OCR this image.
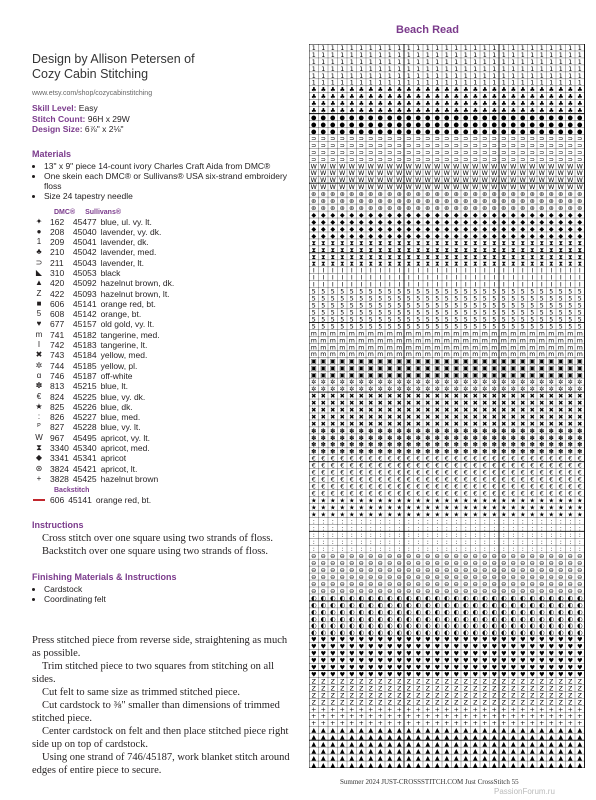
Design by Allison Petersen of
Cozy Cabin Stitching
www.etsy.com/shop/cozycabinstitching
Skill Level: Easy
Stitch Count: 96H x 29W
Design Size: 6⅞" x 2⅛"
Materials
• 13" x 9" piece 14-count ivory Charles Craft Aida from DMC®
• One skein each DMC® or Sullivans® USA six-strand embroidery floss
• Size 24 tapestry needle
DMC® Sullivans®
✦	162	45477	blue, ul. vy. lt.
●	208	45040	lavender, vy. dk.
1	209	45041	lavender, dk.
♣	210	45042	lavender, med.
⊃	211	45043	lavender, lt.
◣	310	45053	black
▲	420	45092	hazelnut brown, dk.
Z	422	45093	hazelnut brown, lt.
■	606	45141	orange red, bt.
5	608	45142	orange, bt.
♥	677	45157	old gold, vy. lt.
m	741	45182	tangerine, med.
I	742	45183	tangerine, lt.
✖	743	45184	yellow, med.
✲	744	45185	yellow, pl.
ɑ	746	45187	off-white
✽	813	45215	blue, lt.
€	824	45225	blue, vy. dk.
★	825	45226	blue, dk.
:	826	45227	blue, med.
ᴾ	827	45228	blue, vy. lt.
W	967	45495	apricot, vy. lt.
⧗	3340	45340	apricot, med.
◆	3341	45341	apricot
⊛	3824	45421	apricot, lt.
+	3828	45425	hazelnut brown
Backstitch
	606	45141	orange red, bt.
Instructions

Cross stitch over one square using two strands of floss.

Backstitch over one square using two strands of floss.

Finishing Materials & Instructions
• Cardstock
• Coordinating felt

Press stitched piece from reverse side, straightening as much as possible.

Trim stitched piece to two squares from stitching on all sides.

Cut felt to same size as trimmed stitched piece.

Cut cardstock to ⅜" smaller than dimensions of trimmed stitched piece.

Center cardstock on felt and then place stitched piece right side up on top of cardstock.

Using one strand of 746/45187, work blanket stitch around edges of entire piece to secure.

Beach Read
1 1 1 1 1 1 1 1 1 1 1 1 1 1 1 1 1 1 1 1 1 1 1 1 1 1 1 1 1
1 1 1 1 1 1 1 1 1 1 1 1 1 1 1 1 1 1 1 1 1 1 1 1 1 1 1 1 1
1 1 1 1 1 1 1 1 1 1 1 1 1 1 1 1 1 1 1 1 1 1 1 1 1 1 1 1 1
1 1 1 1 1 1 1 1 1 1 1 1 1 1 1 1 1 1 1 1 1 1 1 1 1 1 1 1 1
1 1 1 1 1 1 1 1 1 1 1 1 1 1 1 1 1 1 1 1 1 1 1 1 1 1 1 1 1
1 1 1 1 1 1 1 1 1 1 1 1 1 1 1 1 1 1 1 1 1 1 1 1 1 1 1 1 1
♣ ♣ ♣ ♣ ♣ ♣ ♣ ♣ ♣ ♣ ♣ ♣ ♣ ♣ ♣ ♣ ♣ ♣ ♣ ♣ ♣ ♣ ♣ ♣ ♣ ♣ ♣ ♣ ♣
♣ ♣ ♣ ♣ ♣ ♣ ♣ ♣ ♣ ♣ ♣ ♣ ♣ ♣ ♣ ♣ ♣ ♣ ♣ ♣ ♣ ♣ ♣ ♣ ♣ ♣ ♣ ♣ ♣
♣ ♣ ♣ ♣ ♣ ♣ ♣ ♣ ♣ ♣ ♣ ♣ ♣ ♣ ♣ ♣ ♣ ♣ ♣ ♣ ♣ ♣ ♣ ♣ ♣ ♣ ♣ ♣ ♣
♣ ♣ ♣ ♣ ♣ ♣ ♣ ♣ ♣ ♣ ♣ ♣ ♣ ♣ ♣ ♣ ♣ ♣ ♣ ♣ ♣ ♣ ♣ ♣ ♣ ♣ ♣ ♣ ♣
● ● ● ● ● ● ● ● ● ● ● ● ● ● ● ● ● ● ● ● ● ● ● ● ● ● ● ● ●
● ● ● ● ● ● ● ● ● ● ● ● ● ● ● ● ● ● ● ● ● ● ● ● ● ● ● ● ●
● ● ● ● ● ● ● ● ● ● ● ● ● ● ● ● ● ● ● ● ● ● ● ● ● ● ● ● ●
⊃ ⊃ ⊃ ⊃ ⊃ ⊃ ⊃ ⊃ ⊃ ⊃ ⊃ ⊃ ⊃ ⊃ ⊃ ⊃ ⊃ ⊃ ⊃ ⊃ ⊃ ⊃ ⊃ ⊃ ⊃ ⊃ ⊃ ⊃ ⊃
⊃ ⊃ ⊃ ⊃ ⊃ ⊃ ⊃ ⊃ ⊃ ⊃ ⊃ ⊃ ⊃ ⊃ ⊃ ⊃ ⊃ ⊃ ⊃ ⊃ ⊃ ⊃ ⊃ ⊃ ⊃ ⊃ ⊃ ⊃ ⊃
⊃ ⊃ ⊃ ⊃ ⊃ ⊃ ⊃ ⊃ ⊃ ⊃ ⊃ ⊃ ⊃ ⊃ ⊃ ⊃ ⊃ ⊃ ⊃ ⊃ ⊃ ⊃ ⊃ ⊃ ⊃ ⊃ ⊃ ⊃ ⊃
⊃ ⊃ ⊃ ⊃ ⊃ ⊃ ⊃ ⊃ ⊃ ⊃ ⊃ ⊃ ⊃ ⊃ ⊃ ⊃ ⊃ ⊃ ⊃ ⊃ ⊃ ⊃ ⊃ ⊃ ⊃ ⊃ ⊃ ⊃ ⊃
W W W W W W W W W W W W W W W W W W W W W W W W W W W W W
W W W W W W W W W W W W W W W W W W W W W W W W W W W W W
W W W W W W W W W W W W W W W W W W W W W W W W W W W W W
W W W W W W W W W W W W W W W W W W W W W W W W W W W W W
⊛ ⊛ ⊛ ⊛ ⊛ ⊛ ⊛ ⊛ ⊛ ⊛ ⊛ ⊛ ⊛ ⊛ ⊛ ⊛ ⊛ ⊛ ⊛ ⊛ ⊛ ⊛ ⊛ ⊛ ⊛ ⊛ ⊛ ⊛ ⊛
⊛ ⊛ ⊛ ⊛ ⊛ ⊛ ⊛ ⊛ ⊛ ⊛ ⊛ ⊛ ⊛ ⊛ ⊛ ⊛ ⊛ ⊛ ⊛ ⊛ ⊛ ⊛ ⊛ ⊛ ⊛ ⊛ ⊛ ⊛ ⊛
⊛ ⊛ ⊛ ⊛ ⊛ ⊛ ⊛ ⊛ ⊛ ⊛ ⊛ ⊛ ⊛ ⊛ ⊛ ⊛ ⊛ ⊛ ⊛ ⊛ ⊛ ⊛ ⊛ ⊛ ⊛ ⊛ ⊛ ⊛ ⊛
◆ ◆ ◆ ◆ ◆ ◆ ◆ ◆ ◆ ◆ ◆ ◆ ◆ ◆ ◆ ◆ ◆ ◆ ◆ ◆ ◆ ◆ ◆ ◆ ◆ ◆ ◆ ◆ ◆
◆ ◆ ◆ ◆ ◆ ◆ ◆ ◆ ◆ ◆ ◆ ◆ ◆ ◆ ◆ ◆ ◆ ◆ ◆ ◆ ◆ ◆ ◆ ◆ ◆ ◆ ◆ ◆ ◆
◆ ◆ ◆ ◆ ◆ ◆ ◆ ◆ ◆ ◆ ◆ ◆ ◆ ◆ ◆ ◆ ◆ ◆ ◆ ◆ ◆ ◆ ◆ ◆ ◆ ◆ ◆ ◆ ◆
◆ ◆ ◆ ◆ ◆ ◆ ◆ ◆ ◆ ◆ ◆ ◆ ◆ ◆ ◆ ◆ ◆ ◆ ◆ ◆ ◆ ◆ ◆ ◆ ◆ ◆ ◆ ◆ ◆
⧗ ⧗ ⧗ ⧗ ⧗ ⧗ ⧗ ⧗ ⧗ ⧗ ⧗ ⧗ ⧗ ⧗ ⧗ ⧗ ⧗ ⧗ ⧗ ⧗ ⧗ ⧗ ⧗ ⧗ ⧗ ⧗ ⧗ ⧗ ⧗
⧗ ⧗ ⧗ ⧗ ⧗ ⧗ ⧗ ⧗ ⧗ ⧗ ⧗ ⧗ ⧗ ⧗ ⧗ ⧗ ⧗ ⧗ ⧗ ⧗ ⧗ ⧗ ⧗ ⧗ ⧗ ⧗ ⧗ ⧗ ⧗
⧗ ⧗ ⧗ ⧗ ⧗ ⧗ ⧗ ⧗ ⧗ ⧗ ⧗ ⧗ ⧗ ⧗ ⧗ ⧗ ⧗ ⧗ ⧗ ⧗ ⧗ ⧗ ⧗ ⧗ ⧗ ⧗ ⧗ ⧗ ⧗
⧗ ⧗ ⧗ ⧗ ⧗ ⧗ ⧗ ⧗ ⧗ ⧗ ⧗ ⧗ ⧗ ⧗ ⧗ ⧗ ⧗ ⧗ ⧗ ⧗ ⧗ ⧗ ⧗ ⧗ ⧗ ⧗ ⧗ ⧗ ⧗
I I I I I I I I I I I I I I I I I I I I I I I I I I I I I
I I I I I I I I I I I I I I I I I I I I I I I I I I I I I
I I I I I I I I I I I I I I I I I I I I I I I I I I I I I
5 5 5 5 5 5 5 5 5 5 5 5 5 5 5 5 5 5 5 5 5 5 5 5 5 5 5 5 5
5 5 5 5 5 5 5 5 5 5 5 5 5 5 5 5 5 5 5 5 5 5 5 5 5 5 5 5 5
5 5 5 5 5 5 5 5 5 5 5 5 5 5 5 5 5 5 5 5 5 5 5 5 5 5 5 5 5
5 5 5 5 5 5 5 5 5 5 5 5 5 5 5 5 5 5 5 5 5 5 5 5 5 5 5 5 5
5 5 5 5 5 5 5 5 5 5 5 5 5 5 5 5 5 5 5 5 5 5 5 5 5 5 5 5 5
5 5 5 5 5 5 5 5 5 5 5 5 5 5 5 5 5 5 5 5 5 5 5 5 5 5 5 5 5
m m m m m m m m m m m m m m m m m m m m m m m m m m m m m
m m m m m m m m m m m m m m m m m m m m m m m m m m m m m
m m m m m m m m m m m m m m m m m m m m m m m m m m m m m
m m m m m m m m m m m m m m m m m m m m m m m m m m m m m
▣ ▣ ▣ ▣ ▣ ▣ ▣ ▣ ▣ ▣ ▣ ▣ ▣ ▣ ▣ ▣ ▣ ▣ ▣ ▣ ▣ ▣ ▣ ▣ ▣ ▣ ▣ ▣ ▣
▣ ▣ ▣ ▣ ▣ ▣ ▣ ▣ ▣ ▣ ▣ ▣ ▣ ▣ ▣ ▣ ▣ ▣ ▣ ▣ ▣ ▣ ▣ ▣ ▣ ▣ ▣ ▣ ▣
▣ ▣ ▣ ▣ ▣ ▣ ▣ ▣ ▣ ▣ ▣ ▣ ▣ ▣ ▣ ▣ ▣ ▣ ▣ ▣ ▣ ▣ ▣ ▣ ▣ ▣ ▣ ▣ ▣
✲ ✲ ✲ ✲ ✲ ✲ ✲ ✲ ✲ ✲ ✲ ✲ ✲ ✲ ✲ ✲ ✲ ✲ ✲ ✲ ✲ ✲ ✲ ✲ ✲ ✲ ✲ ✲ ✲
✲ ✲ ✲ ✲ ✲ ✲ ✲ ✲ ✲ ✲ ✲ ✲ ✲ ✲ ✲ ✲ ✲ ✲ ✲ ✲ ✲ ✲ ✲ ✲ ✲ ✲ ✲ ✲ ✲
✖ ✖ ✖ ✖ ✖ ✖ ✖ ✖ ✖ ✖ ✖ ✖ ✖ ✖ ✖ ✖ ✖ ✖ ✖ ✖ ✖ ✖ ✖ ✖ ✖ ✖ ✖ ✖ ✖
✖ ✖ ✖ ✖ ✖ ✖ ✖ ✖ ✖ ✖ ✖ ✖ ✖ ✖ ✖ ✖ ✖ ✖ ✖ ✖ ✖ ✖ ✖ ✖ ✖ ✖ ✖ ✖ ✖
✖ ✖ ✖ ✖ ✖ ✖ ✖ ✖ ✖ ✖ ✖ ✖ ✖ ✖ ✖ ✖ ✖ ✖ ✖ ✖ ✖ ✖ ✖ ✖ ✖ ✖ ✖ ✖ ✖
✖ ✖ ✖ ✖ ✖ ✖ ✖ ✖ ✖ ✖ ✖ ✖ ✖ ✖ ✖ ✖ ✖ ✖ ✖ ✖ ✖ ✖ ✖ ✖ ✖ ✖ ✖ ✖ ✖
✖ ✖ ✖ ✖ ✖ ✖ ✖ ✖ ✖ ✖ ✖ ✖ ✖ ✖ ✖ ✖ ✖ ✖ ✖ ✖ ✖ ✖ ✖ ✖ ✖ ✖ ✖ ✖ ✖
✽ ✽ ✽ ✽ ✽ ✽ ✽ ✽ ✽ ✽ ✽ ✽ ✽ ✽ ✽ ✽ ✽ ✽ ✽ ✽ ✽ ✽ ✽ ✽ ✽ ✽ ✽ ✽ ✽
✽ ✽ ✽ ✽ ✽ ✽ ✽ ✽ ✽ ✽ ✽ ✽ ✽ ✽ ✽ ✽ ✽ ✽ ✽ ✽ ✽ ✽ ✽ ✽ ✽ ✽ ✽ ✽ ✽
✽ ✽ ✽ ✽ ✽ ✽ ✽ ✽ ✽ ✽ ✽ ✽ ✽ ✽ ✽ ✽ ✽ ✽ ✽ ✽ ✽ ✽ ✽ ✽ ✽ ✽ ✽ ✽ ✽
✽ ✽ ✽ ✽ ✽ ✽ ✽ ✽ ✽ ✽ ✽ ✽ ✽ ✽ ✽ ✽ ✽ ✽ ✽ ✽ ✽ ✽ ✽ ✽ ✽ ✽ ✽ ✽ ✽
€ € € € € € € € € € € € € € € € € € € € € € € € € € € € €
€ € € € € € € € € € € € € € € € € € € € € € € € € € € € €
€ € € € € € € € € € € € € € € € € € € € € € € € € € € € €
€ € € € € € € € € € € € € € € € € € € € € € € € € € € € €
€ € € € € € € € € € € € € € € € € € € € € € € € € € € € €
€ € € € € € € € € € € € € € € € € € € € € € € € € € € € €
★ ★ ★ ★ ★ ★ ★ ★ ★ ★ ★ ★ ★ ★ ★ ★ ★ ★ ★ ★ ★ ★ ★ ★ ★ ★ ★ ★ ★
★ ★ ★ ★ ★ ★ ★ ★ ★ ★ ★ ★ ★ ★ ★ ★ ★ ★ ★ ★ ★ ★ ★ ★ ★ ★ ★ ★ ★
★ ★ ★ ★ ★ ★ ★ ★ ★ ★ ★ ★ ★ ★ ★ ★ ★ ★ ★ ★ ★ ★ ★ ★ ★ ★ ★ ★ ★
: : : : : : : : : : : : : : : : : : : : : : : : : : : : :
: : : : : : : : : : : : : : : : : : : : : : : : : : : : :
: : : : : : : : : : : : : : : : : : : : : : : : : : : : :
: : : : : : : : : : : : : : : : : : : : : : : : : : : : :
: : : : : : : : : : : : : : : : : : : : : : : : : : : : :
⊖ ⊖ ⊖ ⊖ ⊖ ⊖ ⊖ ⊖ ⊖ ⊖ ⊖ ⊖ ⊖ ⊖ ⊖ ⊖ ⊖ ⊖ ⊖ ⊖ ⊖ ⊖ ⊖ ⊖ ⊖ ⊖ ⊖ ⊖ ⊖
⊖ ⊖ ⊖ ⊖ ⊖ ⊖ ⊖ ⊖ ⊖ ⊖ ⊖ ⊖ ⊖ ⊖ ⊖ ⊖ ⊖ ⊖ ⊖ ⊖ ⊖ ⊖ ⊖ ⊖ ⊖ ⊖ ⊖ ⊖ ⊖
⊖ ⊖ ⊖ ⊖ ⊖ ⊖ ⊖ ⊖ ⊖ ⊖ ⊖ ⊖ ⊖ ⊖ ⊖ ⊖ ⊖ ⊖ ⊖ ⊖ ⊖ ⊖ ⊖ ⊖ ⊖ ⊖ ⊖ ⊖ ⊖
⊖ ⊖ ⊖ ⊖ ⊖ ⊖ ⊖ ⊖ ⊖ ⊖ ⊖ ⊖ ⊖ ⊖ ⊖ ⊖ ⊖ ⊖ ⊖ ⊖ ⊖ ⊖ ⊖ ⊖ ⊖ ⊖ ⊖ ⊖ ⊖
⊖ ⊖ ⊖ ⊖ ⊖ ⊖ ⊖ ⊖ ⊖ ⊖ ⊖ ⊖ ⊖ ⊖ ⊖ ⊖ ⊖ ⊖ ⊖ ⊖ ⊖ ⊖ ⊖ ⊖ ⊖ ⊖ ⊖ ⊖ ⊖
⊖ ⊖ ⊖ ⊖ ⊖ ⊖ ⊖ ⊖ ⊖ ⊖ ⊖ ⊖ ⊖ ⊖ ⊖ ⊖ ⊖ ⊖ ⊖ ⊖ ⊖ ⊖ ⊖ ⊖ ⊖ ⊖ ⊖ ⊖ ⊖
◐ ◐ ◐ ◐ ◐ ◐ ◐ ◐ ◐ ◐ ◐ ◐ ◐ ◐ ◐ ◐ ◐ ◐ ◐ ◐ ◐ ◐ ◐ ◐ ◐ ◐ ◐ ◐ ◐
◐ ◐ ◐ ◐ ◐ ◐ ◐ ◐ ◐ ◐ ◐ ◐ ◐ ◐ ◐ ◐ ◐ ◐ ◐ ◐ ◐ ◐ ◐ ◐ ◐ ◐ ◐ ◐ ◐
◐ ◐ ◐ ◐ ◐ ◐ ◐ ◐ ◐ ◐ ◐ ◐ ◐ ◐ ◐ ◐ ◐ ◐ ◐ ◐ ◐ ◐ ◐ ◐ ◐ ◐ ◐ ◐ ◐
◐ ◐ ◐ ◐ ◐ ◐ ◐ ◐ ◐ ◐ ◐ ◐ ◐ ◐ ◐ ◐ ◐ ◐ ◐ ◐ ◐ ◐ ◐ ◐ ◐ ◐ ◐ ◐ ◐
◐ ◐ ◐ ◐ ◐ ◐ ◐ ◐ ◐ ◐ ◐ ◐ ◐ ◐ ◐ ◐ ◐ ◐ ◐ ◐ ◐ ◐ ◐ ◐ ◐ ◐ ◐ ◐ ◐
◐ ◐ ◐ ◐ ◐ ◐ ◐ ◐ ◐ ◐ ◐ ◐ ◐ ◐ ◐ ◐ ◐ ◐ ◐ ◐ ◐ ◐ ◐ ◐ ◐ ◐ ◐ ◐ ◐
♥ ♥ ♥ ♥ ♥ ♥ ♥ ♥ ♥ ♥ ♥ ♥ ♥ ♥ ♥ ♥ ♥ ♥ ♥ ♥ ♥ ♥ ♥ ♥ ♥ ♥ ♥ ♥ ♥
♥ ♥ ♥ ♥ ♥ ♥ ♥ ♥ ♥ ♥ ♥ ♥ ♥ ♥ ♥ ♥ ♥ ♥ ♥ ♥ ♥ ♥ ♥ ♥ ♥ ♥ ♥ ♥ ♥
♥ ♥ ♥ ♥ ♥ ♥ ♥ ♥ ♥ ♥ ♥ ♥ ♥ ♥ ♥ ♥ ♥ ♥ ♥ ♥ ♥ ♥ ♥ ♥ ♥ ♥ ♥ ♥ ♥
♥ ♥ ♥ ♥ ♥ ♥ ♥ ♥ ♥ ♥ ♥ ♥ ♥ ♥ ♥ ♥ ♥ ♥ ♥ ♥ ♥ ♥ ♥ ♥ ♥ ♥ ♥ ♥ ♥
♥ ♥ ♥ ♥ ♥ ♥ ♥ ♥ ♥ ♥ ♥ ♥ ♥ ♥ ♥ ♥ ♥ ♥ ♥ ♥ ♥ ♥ ♥ ♥ ♥ ♥ ♥ ♥ ♥
♥ ♥ ♥ ♥ ♥ ♥ ♥ ♥ ♥ ♥ ♥ ♥ ♥ ♥ ♥ ♥ ♥ ♥ ♥ ♥ ♥ ♥ ♥ ♥ ♥ ♥ ♥ ♥ ♥
Z Z Z Z Z Z Z Z Z Z Z Z Z Z Z Z Z Z Z Z Z Z Z Z Z Z Z Z Z
Z Z Z Z Z Z Z Z Z Z Z Z Z Z Z Z Z Z Z Z Z Z Z Z Z Z Z Z Z
Z Z Z Z Z Z Z Z Z Z Z Z Z Z Z Z Z Z Z Z Z Z Z Z Z Z Z Z Z
Z Z Z Z Z Z Z Z Z Z Z Z Z Z Z Z Z Z Z Z Z Z Z Z Z Z Z Z Z
+ + + + + + + + + + + + + + + + + + + + + + + + + + + + +
+ + + + + + + + + + + + + + + + + + + + + + + + + + + + +
+ + + + + + + + + + + + + + + + + + + + + + + + + + + + +
▲ ▲ ▲ ▲ ▲ ▲ ▲ ▲ ▲ ▲ ▲ ▲ ▲ ▲ ▲ ▲ ▲ ▲ ▲ ▲ ▲ ▲ ▲ ▲ ▲ ▲ ▲ ▲ ▲
▲ ▲ ▲ ▲ ▲ ▲ ▲ ▲ ▲ ▲ ▲ ▲ ▲ ▲ ▲ ▲ ▲ ▲ ▲ ▲ ▲ ▲ ▲ ▲ ▲ ▲ ▲ ▲ ▲
▲ ▲ ▲ ▲ ▲ ▲ ▲ ▲ ▲ ▲ ▲ ▲ ▲ ▲ ▲ ▲ ▲ ▲ ▲ ▲ ▲ ▲ ▲ ▲ ▲ ▲ ▲ ▲ ▲
▲ ▲ ▲ ▲ ▲ ▲ ▲ ▲ ▲ ▲ ▲ ▲ ▲ ▲ ▲ ▲ ▲ ▲ ▲ ▲ ▲ ▲ ▲ ▲ ▲ ▲ ▲ ▲ ▲
▲ ▲ ▲ ▲ ▲ ▲ ▲ ▲ ▲ ▲ ▲ ▲ ▲ ▲ ▲ ▲ ▲ ▲ ▲ ▲ ▲ ▲ ▲ ▲ ▲ ▲ ▲ ▲ ▲
▲ ▲ ▲ ▲ ▲ ▲ ▲ ▲ ▲ ▲ ▲ ▲ ▲ ▲ ▲ ▲ ▲ ▲ ▲ ▲ ▲ ▲ ▲ ▲ ▲ ▲ ▲ ▲ ▲
Summer 2024 JUST-CROSSSTITCH.COM Just CrossStitch 55
PassionForum.ru
